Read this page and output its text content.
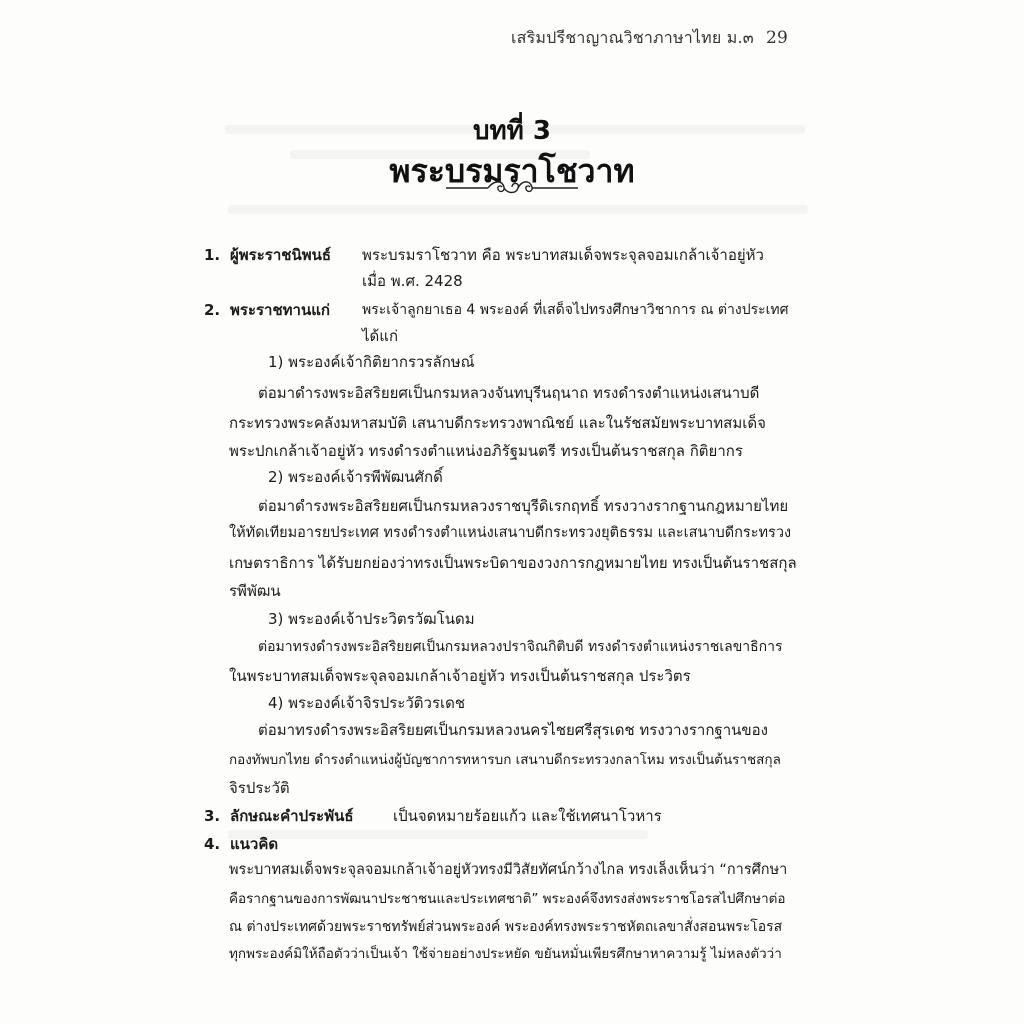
เสริมปรีชาญาณวิชาภาษาไทย ม.๓ 29
บทที่ 3
พระบรมราโชวาท
1. ผู้พระราชนิพนธ์ พระบรมราโชวาท คือ พระบาทสมเด็จพระจุลจอมเกล้าเจ้าอยู่หัว
เมื่อ พ.ศ. 2428
2. พระราชทานแก่ พระเจ้าลูกยาเธอ 4 พระองค์ ที่เสด็จไปทรงศึกษาวิชาการ ณ ต่างประเทศ
ได้แก่
1) พระองค์เจ้ากิติยากรวรลักษณ์
ต่อมาดำรงพระอิสริยยศเป็นกรมหลวงจันทบุรีนฤนาถ ทรงดำรงตำแหน่งเสนาบดี
กระทรวงพระคลังมหาสมบัติ เสนาบดีกระทรวงพาณิชย์ และในรัชสมัยพระบาทสมเด็จ
พระปกเกล้าเจ้าอยู่หัว ทรงดำรงตำแหน่งอภิรัฐมนตรี ทรงเป็นต้นราชสกุล กิติยากร
2) พระองค์เจ้ารพีพัฒนศักดิ์
ต่อมาดำรงพระอิสริยยศเป็นกรมหลวงราชบุรีดิเรกฤทธิ์ ทรงวางรากฐานกฎหมายไทย
ให้ทัดเทียมอารยประเทศ ทรงดำรงตำแหน่งเสนาบดีกระทรวงยุติธรรม และเสนาบดีกระทรวง
เกษตราธิการ ได้รับยกย่องว่าทรงเป็นพระบิดาของวงการกฎหมายไทย ทรงเป็นต้นราชสกุล
รพีพัฒน
3) พระองค์เจ้าประวิตรวัฒโนดม
ต่อมาทรงดำรงพระอิสริยยศเป็นกรมหลวงปราจิณกิติบดี ทรงดำรงตำแหน่งราชเลขาธิการ
ในพระบาทสมเด็จพระจุลจอมเกล้าเจ้าอยู่หัว ทรงเป็นต้นราชสกุล ประวิตร
4) พระองค์เจ้าจิรประวัติวรเดช
ต่อมาทรงดำรงพระอิสริยยศเป็นกรมหลวงนครไชยศรีสุรเดช ทรงวางรากฐานของ
กองทัพบกไทย ดำรงตำแหน่งผู้บัญชาการทหารบก เสนาบดีกระทรวงกลาโหม ทรงเป็นต้นราชสกุล
จิรประวัติ
3. ลักษณะคำประพันธ์	เป็นจดหมายร้อยแก้ว และใช้เทศนาโวหาร
4. แนวคิด
พระบาทสมเด็จพระจุลจอมเกล้าเจ้าอยู่หัวทรงมีวิสัยทัศน์กว้างไกล ทรงเล็งเห็นว่า “การศึกษา
คือรากฐานของการพัฒนาประชาชนและประเทศชาติ” พระองค์จึงทรงส่งพระราชโอรสไปศึกษาต่อ
ณ ต่างประเทศด้วยพระราชทรัพย์ส่วนพระองค์ พระองค์ทรงพระราชหัตถเลขาสั่งสอนพระโอรส
ทุกพระองค์มิให้ถือตัวว่าเป็นเจ้า ใช้จ่ายอย่างประหยัด ขยันหมั่นเพียรศึกษาหาความรู้ ไม่หลงตัวว่า
